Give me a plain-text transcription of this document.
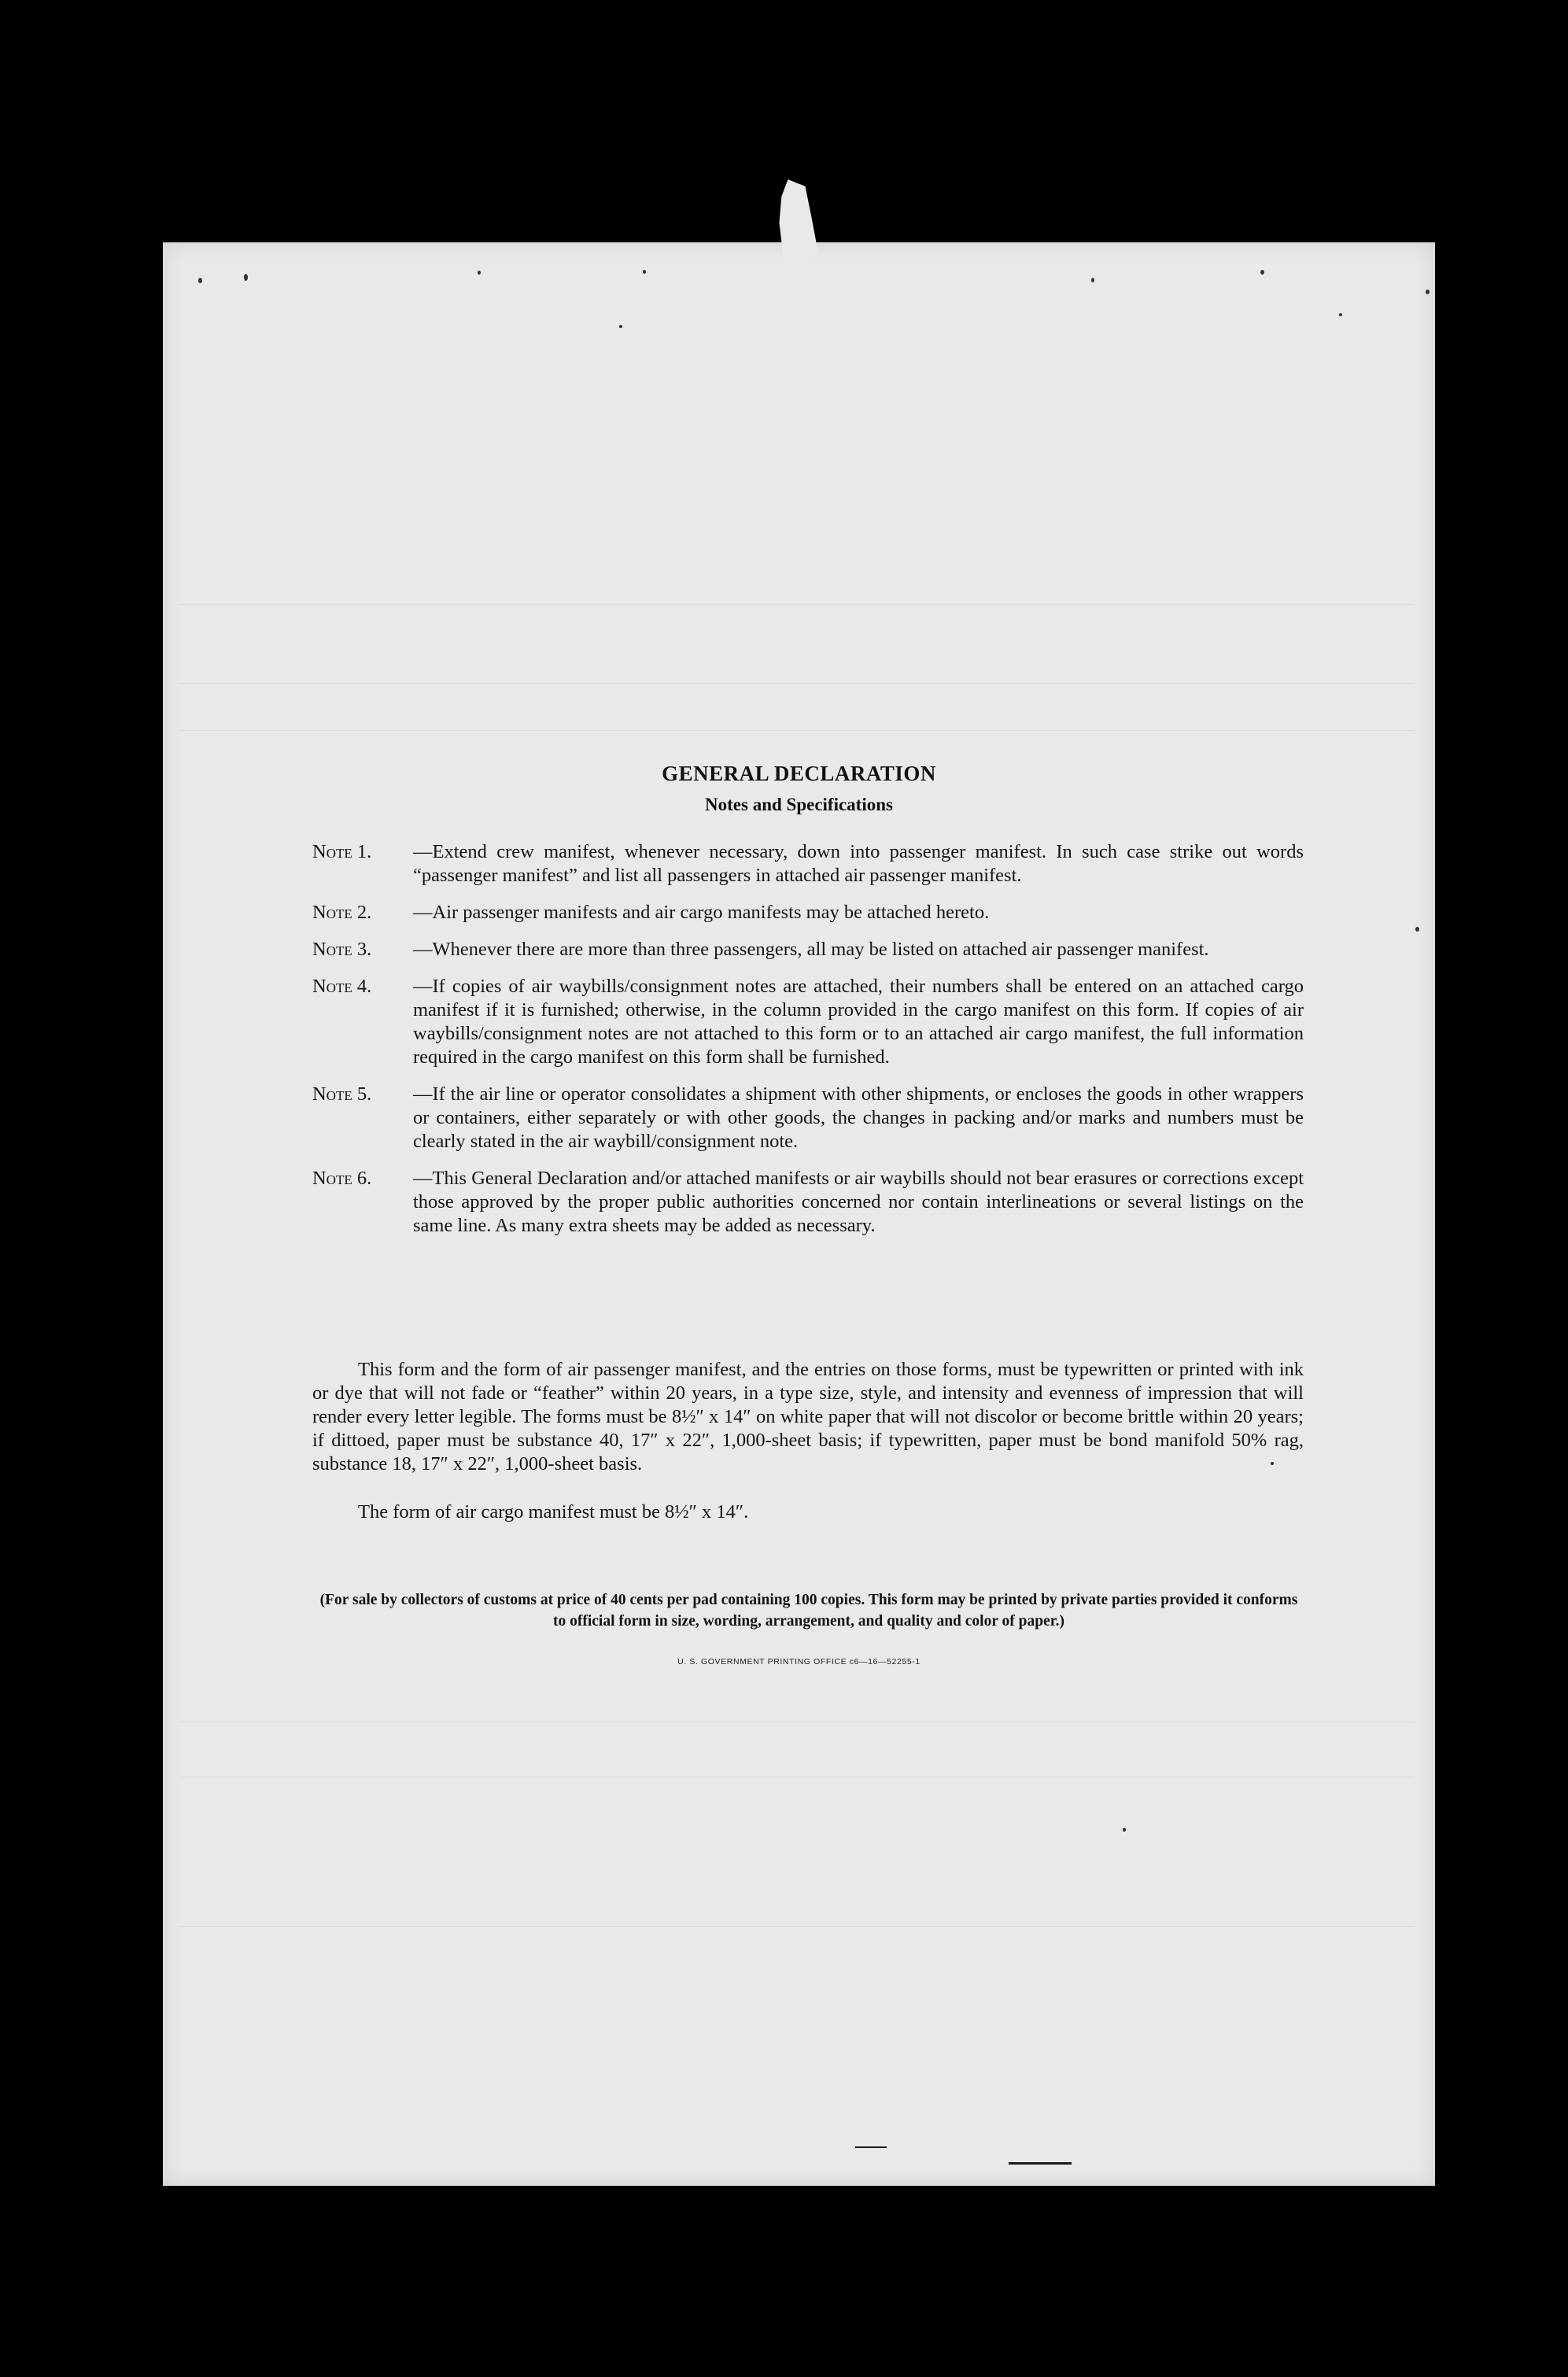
GENERAL DECLARATION
Notes and Specifications
Note 1.	—Extend crew manifest, whenever necessary, down into passenger manifest. In such case strike out words “passenger manifest” and list all passengers in attached air passenger manifest.
Note 2.	—Air passenger manifests and air cargo manifests may be attached hereto.
Note 3.	—Whenever there are more than three passengers, all may be listed on attached air passenger manifest.
Note 4.	—If copies of air waybills/consignment notes are attached, their numbers shall be entered on an attached cargo manifest if it is furnished; otherwise, in the column provided in the cargo manifest on this form. If copies of air waybills/consignment notes are not attached to this form or to an attached air cargo manifest, the full information required in the cargo manifest on this form shall be furnished.
Note 5.	—If the air line or operator consolidates a shipment with other shipments, or encloses the goods in other wrappers or containers, either separately or with other goods, the changes in packing and/or marks and numbers must be clearly stated in the air waybill/consignment note.
Note 6.	—This General Declaration and/or attached manifests or air waybills should not bear erasures or corrections except those approved by the proper public authorities concerned nor contain interlineations or several listings on the same line. As many extra sheets may be added as necessary.
This form and the form of air passenger manifest, and the entries on those forms, must be typewritten or printed with ink or dye that will not fade or “feather” within 20 years, in a type size, style, and intensity and evenness of impression that will render every letter legible. The forms must be 8½″ x 14″ on white paper that will not discolor or become brittle within 20 years; if dittoed, paper must be substance 40, 17″ x 22″, 1,000-sheet basis; if typewritten, paper must be bond manifold 50% rag, substance 18, 17″ x 22″, 1,000-sheet basis.
The form of air cargo manifest must be 8½″ x 14″.
(For sale by collectors of customs at price of 40 cents per pad containing 100 copies. This form may be printed by private parties provided it conforms to official form in size, wording, arrangement, and quality and color of paper.)
U. S. GOVERNMENT PRINTING OFFICE c6—16—52255-1
